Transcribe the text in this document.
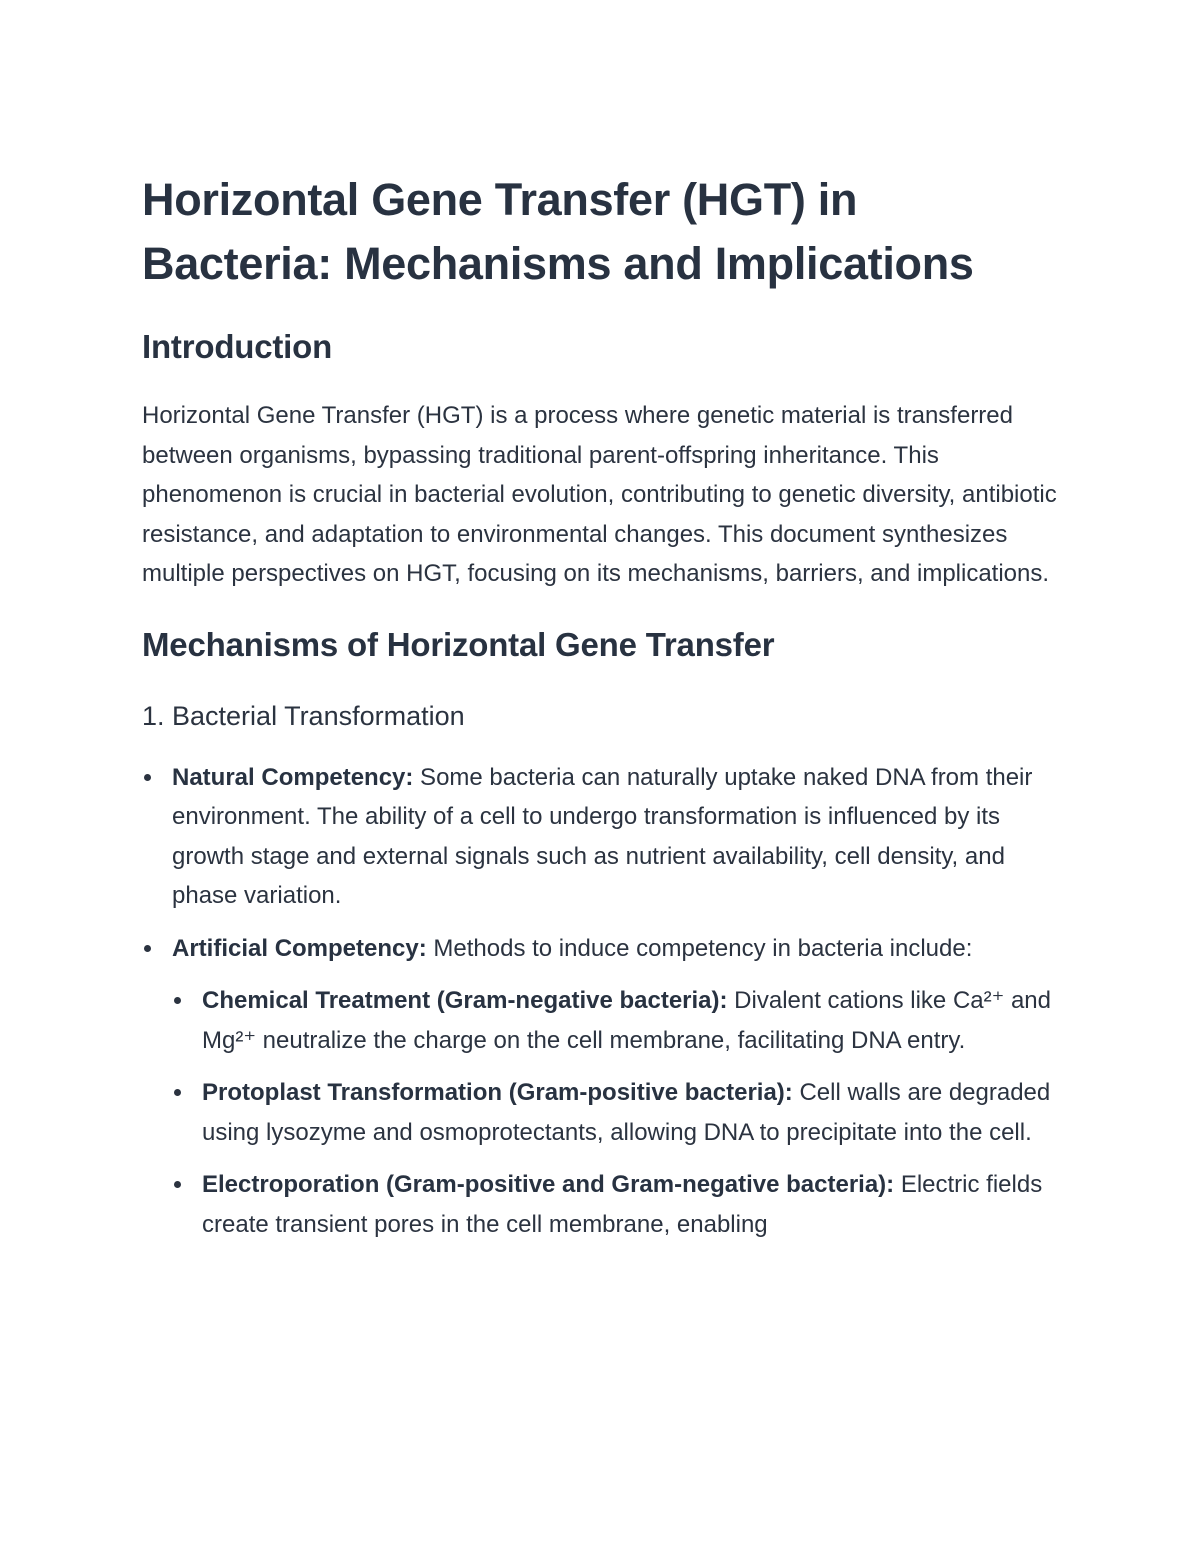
Horizontal Gene Transfer (HGT) in
Bacteria: Mechanisms and Implications
Introduction

Horizontal Gene Transfer (HGT) is a process where genetic material is transferred between organisms, bypassing traditional parent-offspring inheritance. This phenomenon is crucial in bacterial evolution, contributing to genetic diversity, antibiotic resistance, and adaptation to environmental changes. This document synthesizes multiple perspectives on HGT, focusing on its mechanisms, barriers, and implications.

Mechanisms of Horizontal Gene Transfer
1. Bacterial Transformation
Natural Competency: Some bacteria can naturally uptake naked DNA from their environment. The ability of a cell to undergo transformation is influenced by its growth stage and external signals such as nutrient availability, cell density, and phase variation.
Artificial Competency: Methods to induce competency in bacteria include:
Chemical Treatment (Gram-negative bacteria): Divalent cations like Ca²⁺ and Mg²⁺ neutralize the charge on the cell membrane, facilitating DNA entry.
Protoplast Transformation (Gram-positive bacteria): Cell walls are degraded using lysozyme and osmoprotectants, allowing DNA to precipitate into the cell.
Electroporation (Gram-positive and Gram-negative bacteria): Electric fields create transient pores in the cell membrane, enabling
